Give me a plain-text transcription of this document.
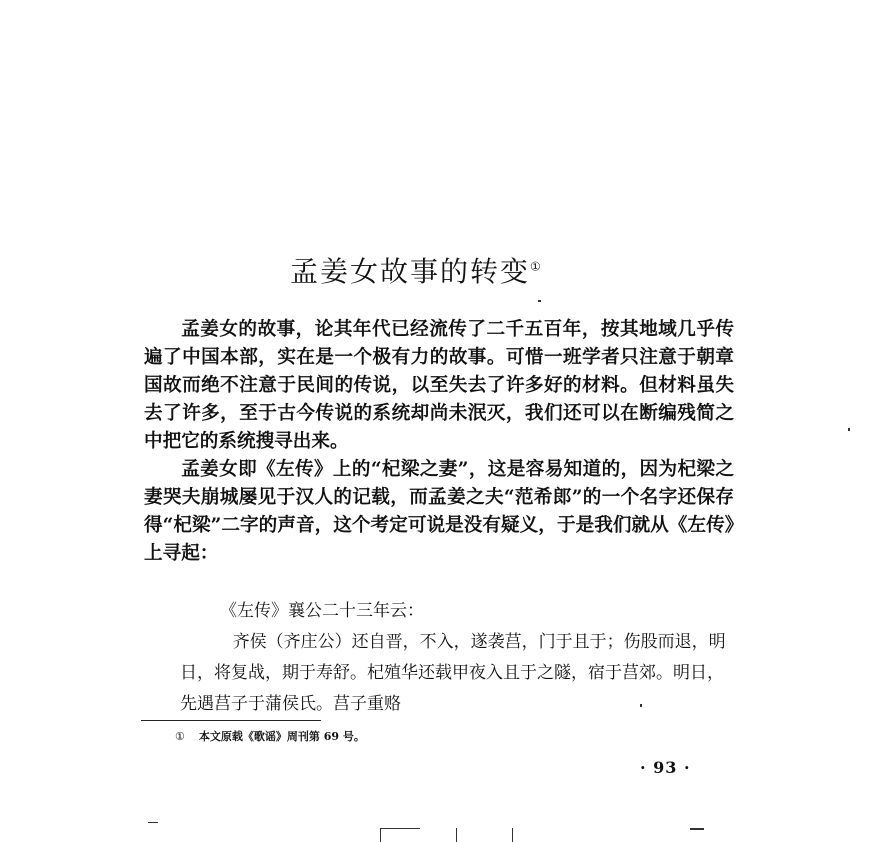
孟姜女故事的转变①

孟姜女的故事，论其年代已经流传了二千五百年，按其地域几乎传遍了中国本部，实在是一个极有力的故事。可惜一班学者只注意于朝章国故而绝不注意于民间的传说，以至失去了许多好的材料。但材料虽失去了许多，至于古今传说的系统却尚未泯灭，我们还可以在断编残简之中把它的系统搜寻出来。

孟姜女即《左传》上的“杞梁之妻”，这是容易知道的，因为杞梁之妻哭夫崩城屡见于汉人的记载，而孟姜之夫“范希郎”的一个名字还保存得“杞梁”二字的声音，这个考定可说是没有疑义，于是我们就从《左传》上寻起：

《左传》襄公二十三年云：

齐侯（齐庄公）还自晋，不入，遂袭莒，门于且于；伤股而退，明日，将复战，期于寿舒。杞殖华还载甲夜入且于之隧，宿于莒郊。明日，先遇莒子于蒲侯氏。莒子重赂

① 本文原载《歌谣》周刊第 69 号。
· 93 ·
